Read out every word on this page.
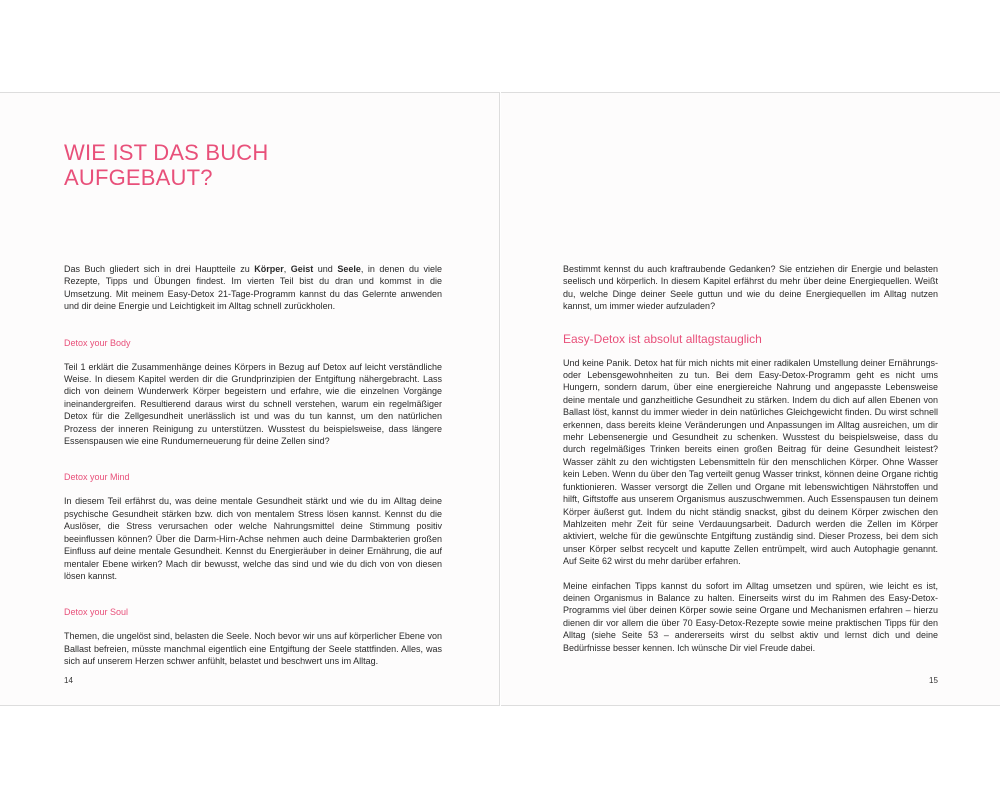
WIE IST DAS BUCH
AUFGEBAUT?

Das Buch gliedert sich in drei Hauptteile zu Körper, Geist und Seele, in denen du viele Rezepte, Tipps und Übungen findest. Im vierten Teil bist du dran und kommst in die Umsetzung. Mit meinem Easy-Detox 21-Tage-Programm kannst du das Gelernte anwenden und dir deine Energie und Leichtigkeit im Alltag schnell zurückholen.

Detox your Body

Teil 1 erklärt die Zusammenhänge deines Körpers in Bezug auf Detox auf leicht verständliche Weise. In diesem Kapitel werden dir die Grundprinzipien der Entgiftung nähergebracht. Lass dich von deinem Wunderwerk Körper begeistern und erfahre, wie die einzelnen Vorgänge ineinandergreifen. Resultierend daraus wirst du schnell verstehen, warum ein regelmäßiger Detox für die Zellgesundheit unerlässlich ist und was du tun kannst, um den natürlichen Prozess der inneren Reinigung zu unterstützen. Wusstest du beispielsweise, dass längere Essenspausen wie eine Rundumerneuerung für deine Zellen sind?

Detox your Mind

In diesem Teil erfährst du, was deine mentale Gesundheit stärkt und wie du im Alltag deine psychische Gesundheit stärken bzw. dich von mentalem Stress lösen kannst. Kennst du die Auslöser, die Stress verursachen oder welche Nahrungsmittel deine Stimmung positiv beeinflussen können? Über die Darm-Hirn-Achse nehmen auch deine Darmbakterien großen Einfluss auf deine mentale Gesundheit. Kennst du Energieräuber in deiner Ernährung, die auf mentaler Ebene wirken? Mach dir bewusst, welche das sind und wie du dich von von diesen lösen kannst.

Detox your Soul

Themen, die ungelöst sind, belasten die Seele. Noch bevor wir uns auf körperlicher Ebene von Ballast befreien, müsste manchmal eigentlich eine Entgiftung der Seele stattfinden. Alles, was sich auf unserem Herzen schwer anfühlt, belastet und beschwert uns im Alltag.

14

Bestimmt kennst du auch kraftraubende Gedanken? Sie entziehen dir Energie und belasten seelisch und körperlich. In diesem Kapitel erfährst du mehr über deine Energiequellen. Weißt du, welche Dinge deiner Seele guttun und wie du deine Energiequellen im Alltag nutzen kannst, um immer wieder aufzuladen?

Easy-Detox ist absolut alltagstauglich

Und keine Panik. Detox hat für mich nichts mit einer radikalen Umstellung deiner Ernährungs- oder Lebensgewohnheiten zu tun. Bei dem Easy-Detox-Programm geht es nicht ums Hungern, sondern darum, über eine energiereiche Nahrung und angepasste Lebensweise deine mentale und ganzheitliche Gesundheit zu stärken. Indem du dich auf allen Ebenen von Ballast löst, kannst du immer wieder in dein natürliches Gleichgewicht finden. Du wirst schnell erkennen, dass bereits kleine Veränderungen und Anpassungen im Alltag ausreichen, um dir mehr Lebensenergie und Gesundheit zu schenken. Wusstest du beispielsweise, dass du durch regelmäßiges Trinken bereits einen großen Beitrag für deine Gesundheit leistest? Wasser zählt zu den wichtigsten Lebensmitteln für den menschlichen Körper. Ohne Wasser kein Leben. Wenn du über den Tag verteilt genug Wasser trinkst, können deine Organe richtig funktionieren. Wasser versorgt die Zellen und Organe mit lebenswichtigen Nährstoffen und hilft, Giftstoffe aus unserem Organismus auszuschwemmen. Auch Essenspausen tun deinem Körper äußerst gut. Indem du nicht ständig snackst, gibst du deinem Körper zwischen den Mahlzeiten mehr Zeit für seine Verdauungsarbeit. Dadurch werden die Zellen im Körper aktiviert, welche für die gewünschte Entgiftung zuständig sind. Dieser Prozess, bei dem sich unser Körper selbst recycelt und kaputte Zellen entrümpelt, wird auch Autophagie genannt. Auf Seite 62 wirst du mehr darüber erfahren.

Meine einfachen Tipps kannst du sofort im Alltag umsetzen und spüren, wie leicht es ist, deinen Organismus in Balance zu halten. Einerseits wirst du im Rahmen des Easy-Detox-Programms viel über deinen Körper sowie seine Organe und Mechanismen erfahren – hierzu dienen dir vor allem die über 70 Easy-Detox-Rezepte sowie meine praktischen Tipps für den Alltag (siehe Seite 53 – andererseits wirst du selbst aktiv und lernst dich und deine Bedürfnisse besser kennen. Ich wünsche Dir viel Freude dabei.

15
